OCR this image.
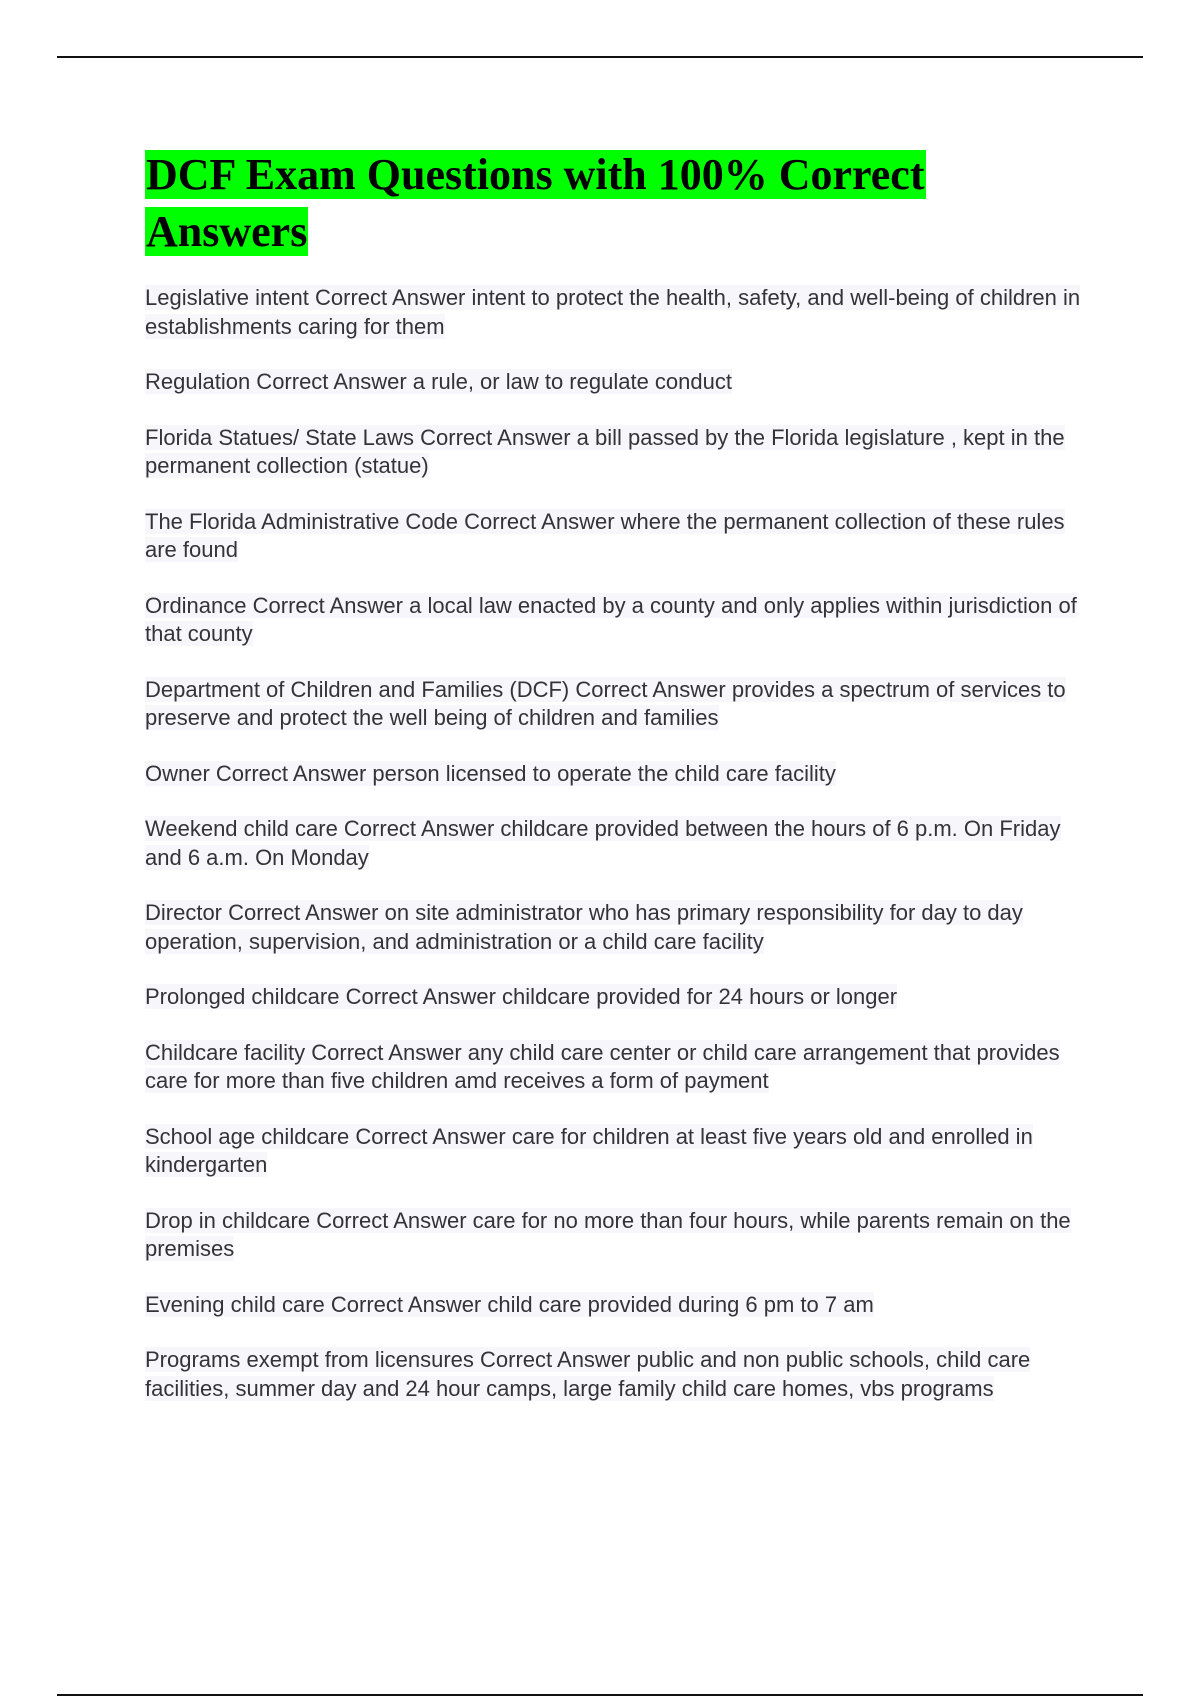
DCF Exam Questions with 100% Correct Answers

Legislative intent Correct Answer intent to protect the health, safety, and well-being of children in establishments caring for them

Regulation Correct Answer a rule, or law to regulate conduct

Florida Statues/ State Laws Correct Answer a bill passed by the Florida legislature , kept in the permanent collection (statue)

The Florida Administrative Code Correct Answer where the permanent collection of these rules are found

Ordinance Correct Answer a local law enacted by a county and only applies within jurisdiction of that county

Department of Children and Families (DCF) Correct Answer provides a spectrum of services to preserve and protect the well being of children and families

Owner Correct Answer person licensed to operate the child care facility

Weekend child care Correct Answer childcare provided between the hours of 6 p.m. On Friday and 6 a.m. On Monday

Director Correct Answer on site administrator who has primary responsibility for day to day operation, supervision, and administration or a child care facility

Prolonged childcare Correct Answer childcare provided for 24 hours or longer

Childcare facility Correct Answer any child care center or child care arrangement that provides care for more than five children amd receives a form of payment

School age childcare Correct Answer care for children at least five years old and enrolled in kindergarten

Drop in childcare Correct Answer care for no more than four hours, while parents remain on the premises

Evening child care Correct Answer child care provided during 6 pm to 7 am

Programs exempt from licensures Correct Answer public and non public schools, child care facilities, summer day and 24 hour camps, large family child care homes, vbs programs
